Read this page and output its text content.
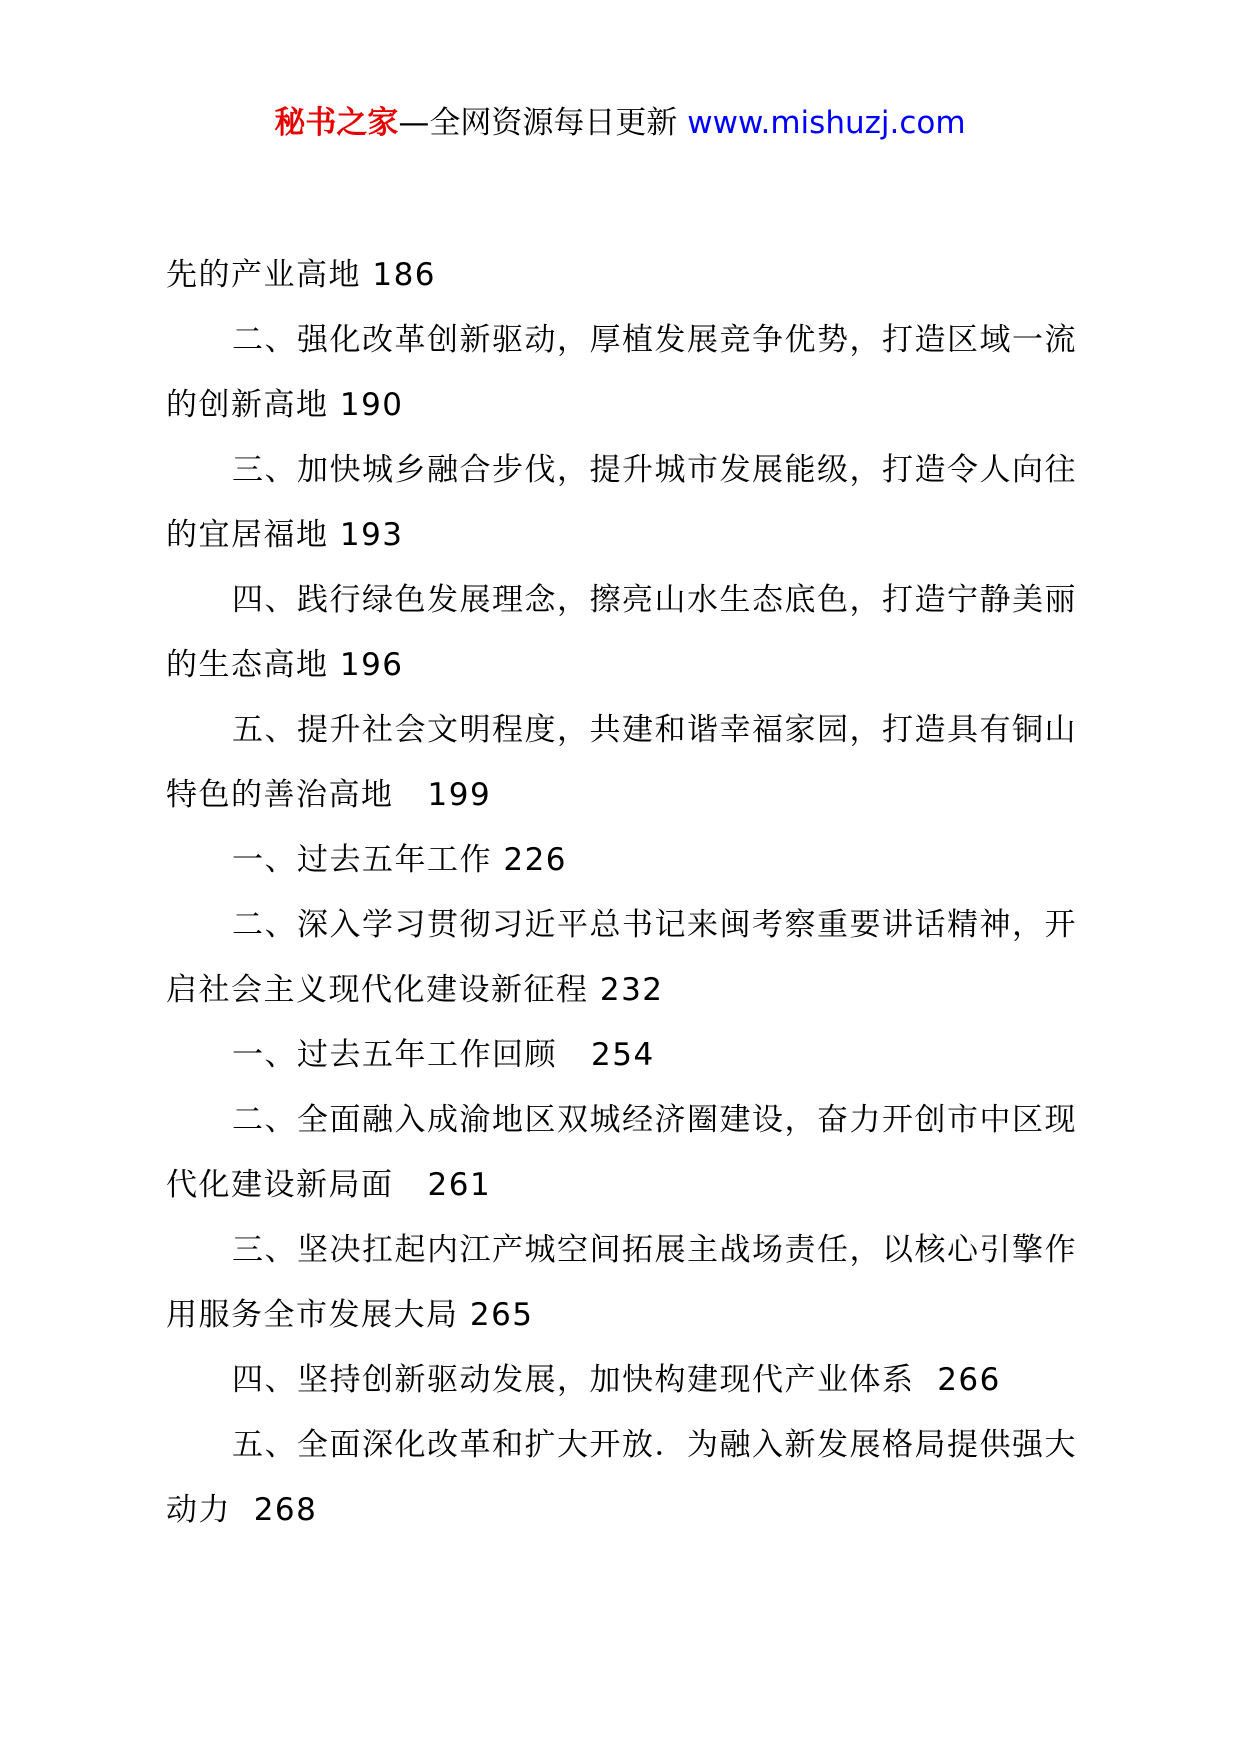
秘书之家—全网资源每日更新 www.mishuzj.com

先的产业高地 186

二、强化改革创新驱动，厚植发展竞争优势，打造区域一流的创新高地 190

三、加快城乡融合步伐，提升城市发展能级，打造令人向往的宜居福地 193

四、践行绿色发展理念，擦亮山水生态底色，打造宁静美丽的生态高地 196

五、提升社会文明程度，共建和谐幸福家园，打造具有铜山特色的善治高地   199

一、过去五年工作 226

二、深入学习贯彻习近平总书记来闽考察重要讲话精神，开启社会主义现代化建设新征程 232

一、过去五年工作回顾   254

二、全面融入成渝地区双城经济圈建设，奋力开创市中区现代化建设新局面   261

三、坚决扛起内江产城空间拓展主战场责任，以核心引擎作用服务全市发展大局 265

四、坚持创新驱动发展，加快构建现代产业体系  266

五、全面深化改革和扩大开放．为融入新发展格局提供强大动力  268
